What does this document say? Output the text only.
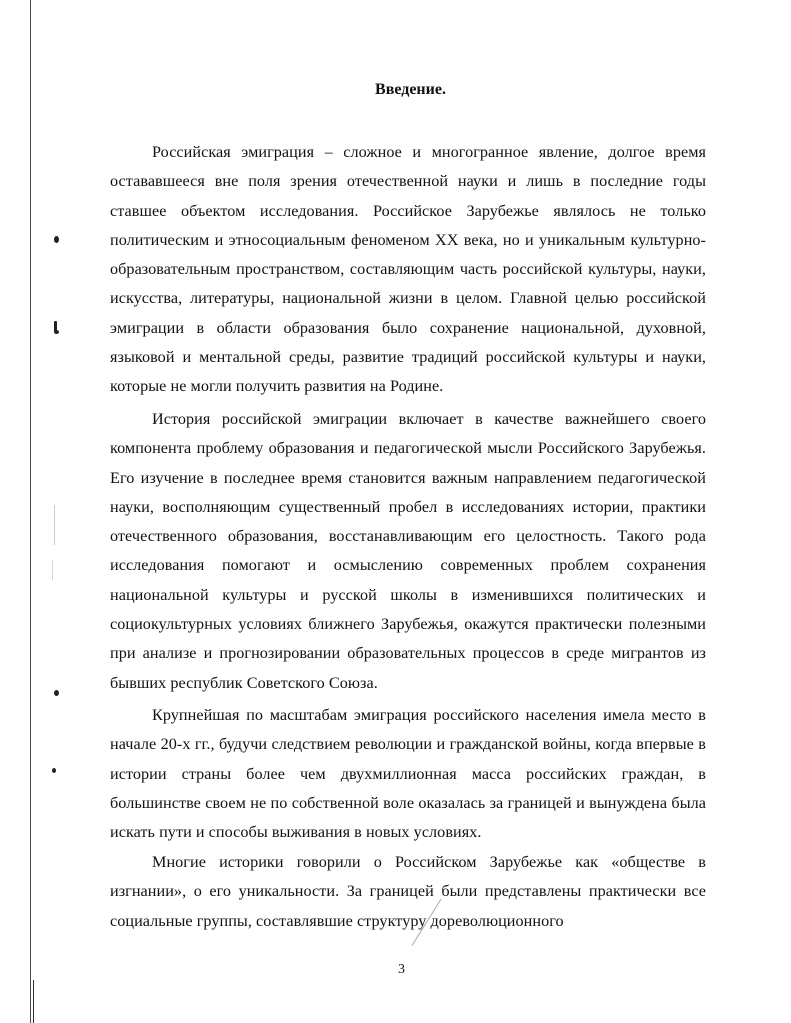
Введение.

Российская эмиграция – сложное и многогранное явление, долгое время остававшееся вне поля зрения отечественной науки и лишь в последние годы ставшее объектом исследования. Российское Зарубежье являлось не только политическим и этносоциальным феноменом XX века, но и уникальным культурно-образовательным пространством, составляющим часть российской культуры, науки, искусства, литературы, национальной жизни в целом. Главной целью российской эмиграции в области образования было сохранение национальной, духовной, языковой и ментальной среды, развитие традиций российской культуры и науки, которые не могли получить развития на Родине.

История российской эмиграции включает в качестве важнейшего своего компонента проблему образования и педагогической мысли Российского Зарубежья. Его изучение в последнее время становится важным направлением педагогической науки, восполняющим существенный пробел в исследованиях истории, практики отечественного образования, восстанавливающим его целостность. Такого рода исследования помогают и осмыслению современных проблем сохранения национальной культуры и русской школы в изменившихся политических и социокультурных условиях ближнего Зарубежья, окажутся практически полезными при анализе и прогнозировании образовательных процессов в среде мигрантов из бывших республик Советского Союза.

Крупнейшая по масштабам эмиграция российского населения имела место в начале 20-х гг., будучи следствием революции и гражданской войны, когда впервые в истории страны более чем двухмиллионная масса российских граждан, в большинстве своем не по собственной воле оказалась за границей и вынуждена была искать пути и способы выживания в новых условиях.

Многие историки говорили о Российском Зарубежье как «обществе в изгнании», о его уникальности. За границей были представлены практически все социальные группы, составлявшие структуру дореволюционного

3
